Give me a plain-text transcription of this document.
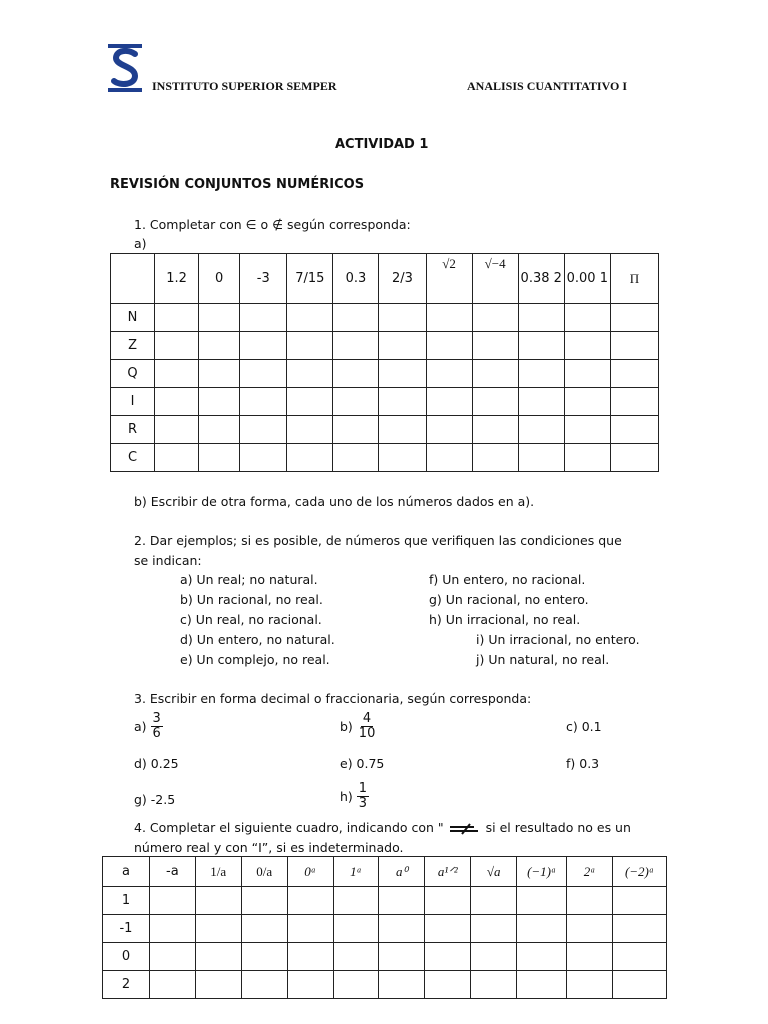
INSTITUTO SUPERIOR SEMPER	ANALISIS CUANTITATIVO I
ACTIVIDAD 1
REVISIÓN CONJUNTOS NUMÉRICOS
1. Completar con ∈ o ∉ según corresponda:
a)
	1.2	0	-3	7/15	0.3	2/3	√2	√−4	0.38 2	0.00 1	Π
N											
Z											
Q											
I											
R											
C											
b) Escribir de otra forma, cada uno de los números dados en a).
2. Dar ejemplos; si es posible, de números que verifiquen las condiciones que
se indican:
a) Un real; no natural.
b) Un racional, no real.
c) Un real, no racional.
d) Un entero, no natural.
e) Un complejo, no real.
f) Un entero, no racional.
g) Un racional, no entero.
h) Un irracional, no real.
i) Un irracional, no entero.
j) Un natural, no real.
3. Escribir en forma decimal o fraccionaria, según corresponda:
$a) \frac{3}{6}$	$b) \frac{4}{10}$	c) 0.1
d) 0.25	e) 0.75	f) 0.3
g) -2.5	$h) \frac{1}{3}$
4. Completar el siguiente cuadro, indicando con "	si el resultado no es un
número real y con “I”, si es indeterminado.
a	-a	1/a	0/a	0ᵃ	1ᵃ	a⁰	a¹ᐟ²	√a	(−1)ᵃ	2ᵃ	(−2)ᵃ
1											
-1											
0											
2											
